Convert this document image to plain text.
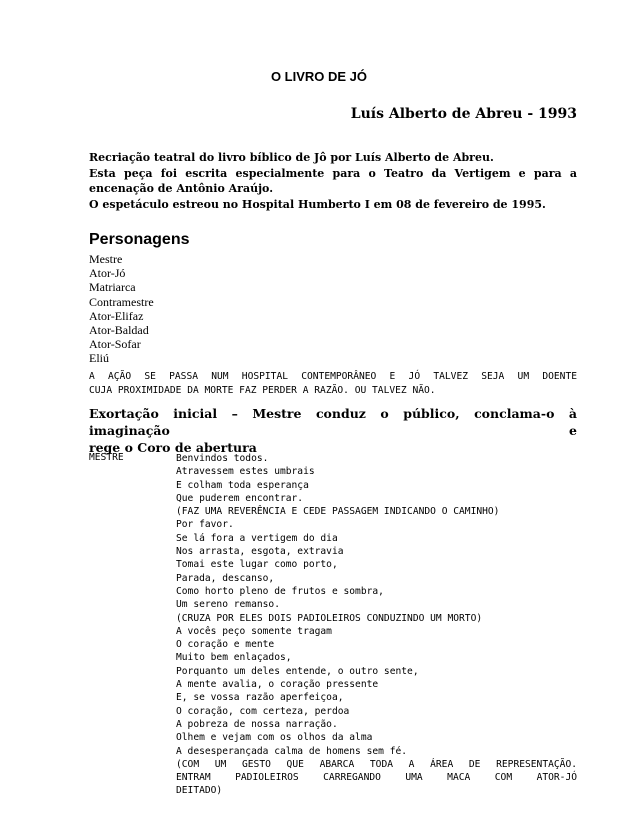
O LIVRO DE JÓ
Luís Alberto de Abreu - 1993
Recriação teatral do livro bíblico de Jô por Luís Alberto de Abreu.
Esta peça foi escrita especialmente para o Teatro da Vertigem e para a
encenação de Antônio Araújo.
O espetáculo estreou no Hospital Humberto I em 08 de fevereiro de 1995.
Personagens
Mestre
Ator-Jó
Matriarca
Contramestre
Ator-Elifaz
Ator-Baldad
Ator-Sofar
Eliú
A AÇÃO SE PASSA NUM HOSPITAL CONTEMPORÂNEO E JÓ TALVEZ SEJA UM DOENTE
CUJA PROXIMIDADE DA MORTE FAZ PERDER A RAZÃO. OU TALVEZ NÃO.
Exortação inicial – Mestre conduz o público, conclama-o à imaginação e
rege o Coro de abertura
MESTRE	Benvindos todos.
Atravessem estes umbrais
E colham toda esperança
Que puderem encontrar.
(FAZ UMA REVERÊNCIA E CEDE PASSAGEM INDICANDO O CAMINHO)
Por favor.
Se lá fora a vertigem do dia
Nos arrasta, esgota, extravia
Tomai este lugar como porto,
Parada, descanso,
Como horto pleno de frutos e sombra,
Um sereno remanso.
(CRUZA POR ELES DOIS PADIOLEIROS CONDUZINDO UM MORTO)
A vocês peço somente tragam
O coração e mente
Muito bem enlaçados,
Porquanto um deles entende, o outro sente,
A mente avalia, o coração pressente
E, se vossa razão aperfeiçoa,
O coração, com certeza, perdoa
A pobreza de nossa narração.
Olhem e vejam com os olhos da alma
A desesperançada calma de homens sem fé.
(COM UM GESTO QUE ABARCA TODA A ÁREA DE REPRESENTAÇÃO.
ENTRAM PADIOLEIROS CARREGANDO UMA MACA COM ATOR-JÓ
DEITADO)
